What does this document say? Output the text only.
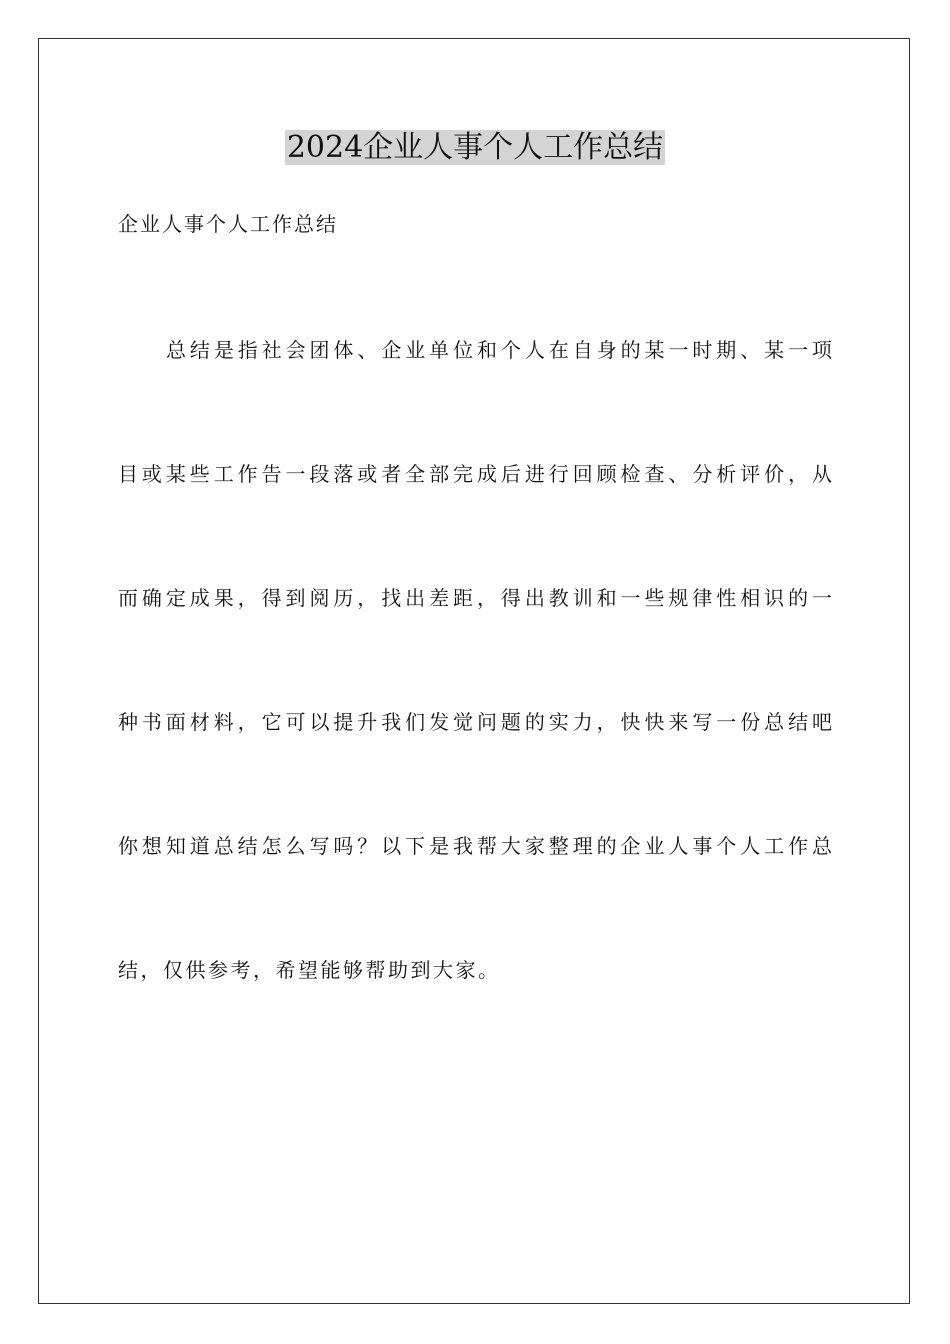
2024企业人事个人工作总结
企业人事个人工作总结
总结是指社会团体、企业单位和个人在自身的某一时期、某一项
目或某些工作告一段落或者全部完成后进行回顾检查、分析评价，从
而确定成果，得到阅历，找出差距，得出教训和一些规律性相识的一
种书面材料，它可以提升我们发觉问题的实力，快快来写一份总结吧
你想知道总结怎么写吗？以下是我帮大家整理的企业人事个人工作总
结，仅供参考，希望能够帮助到大家。
